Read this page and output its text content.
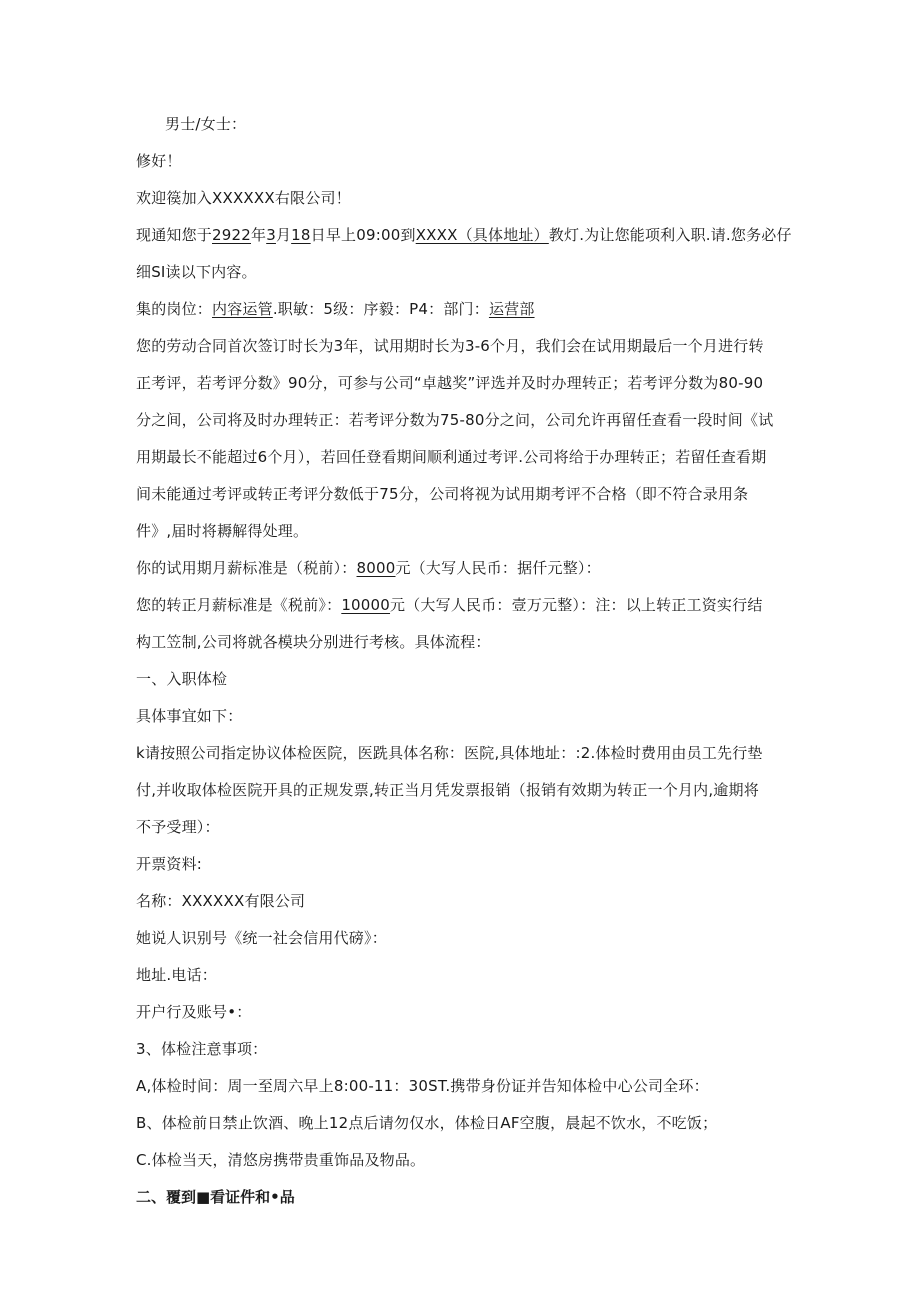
男士/女士：
修好！
欢迎篌加入XXXXXX右限公司！
现通知您于2922年3月18日早上09:00到XXXX（具体地址）教灯.为让您能项利入职.请.您务必仔
细SI读以下内容。
集的岗位：内容运管.职敏：5级：序毅：P4：部门：运营部
您的劳动合同首次签订时长为3年，试用期时长为3-6个月，我们会在试用期最后一个月进行转
正考评，若考评分数》90分，可参与公司“卓越奖”评选并及时办理转正；若考评分数为80-90
分之间，公司将及时办理转正：若考评分数为75-80分之问，公司允许再留任查看一段时间《试
用期最长不能超过6个月），若回任登看期间顺利通过考评.公司将给于办理转正；若留任查看期
间未能通过考评或转正考评分数低于75分，公司将视为试用期考评不合格（即不符合录用条
件》,届时将耨解得处理。
你的试用期月薪标准是（税前）：8000元（大写人民币：据仟元整）：
您的转正月薪标准是《税前》：10000元（大写人民币：壹万元整）：注：以上转正工资实行结
构工笠制,公司将就各模块分别进行考核。具体流程：
一、入职体检
具体事宜如下：
k请按照公司指定协议体检医院，医跣具体名称：医院,具体地址：:2.体检时费用由员工先行垫
付,并收取体检医院开具的正规发票,转正当月凭发票报销（报销有效期为转正一个月内,逾期将
不予受理）：
开票资料:
名称：XXXXXX有限公司
她说人识别号《统一社会信用代磅》：
地址.电话：
开户行及账号•：
3、体检注意事项：
A,体检时间：周一至周六早上8:00-11：30ST.携带身份证并告知体检中心公司全环：
B、体检前日禁止饮酒、晚上12点后请勿仅水，体检日AF空腹，晨起不饮水，不吃饭；
C.体检当天，清悠房携带贵重饰品及物品。
二、覆到■看证件和•品
